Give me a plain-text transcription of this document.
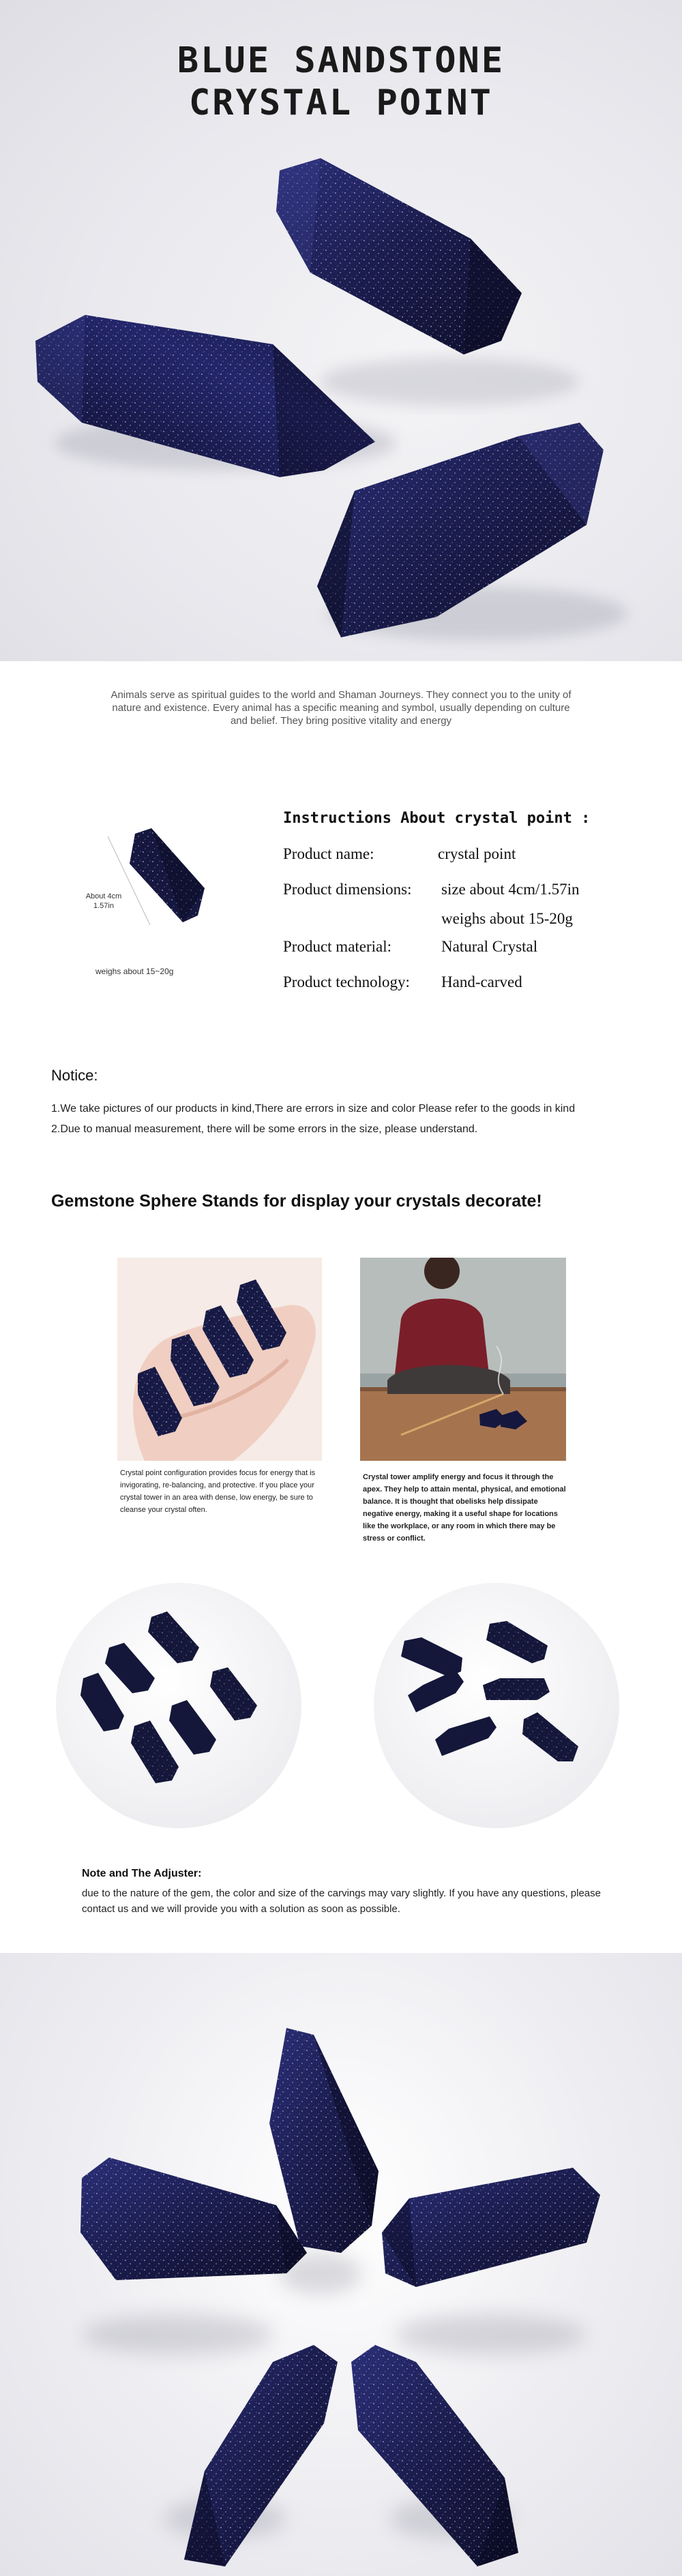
BLUE SANDSTONE
CRYSTAL POINT
Animals serve as spiritual guides to the world and Shaman Journeys. They connect you to the unity of nature and existence. Every animal has a specific meaning and symbol, usually depending on culture and belief. They bring positive vitality and energy
About 4cm
1.57in
weighs about 15~20g
Instructions About crystal point :
Product name:	crystal point
Product dimensions: size about 4cm/1.57in
weighs about 15-20g
Product material:	Natural Crystal
Product technology: Hand-carved
Notice:
1.We take pictures of our products in kind,There are errors in size and color Please refer to the goods in kind
2.Due to manual measurement, there will be some errors in the size, please understand.
Gemstone Sphere Stands for display your crystals decorate!
Crystal point configuration provides focus for energy that is invigorating, re-balancing, and protective. If you place your crystal tower in an area with dense, low energy, be sure to cleanse your crystal often.
Crystal tower amplify energy and focus it through the apex. They help to attain mental, physical, and emotional balance. It is thought that obelisks help dissipate negative energy, making it a useful shape for locations like the workplace, or any room in which there may be stress or conflict.
Note and The Adjuster:
due to the nature of the gem, the color and size of the carvings may vary slightly. If you have any questions, please contact us and we will provide you with a solution as soon as possible.
